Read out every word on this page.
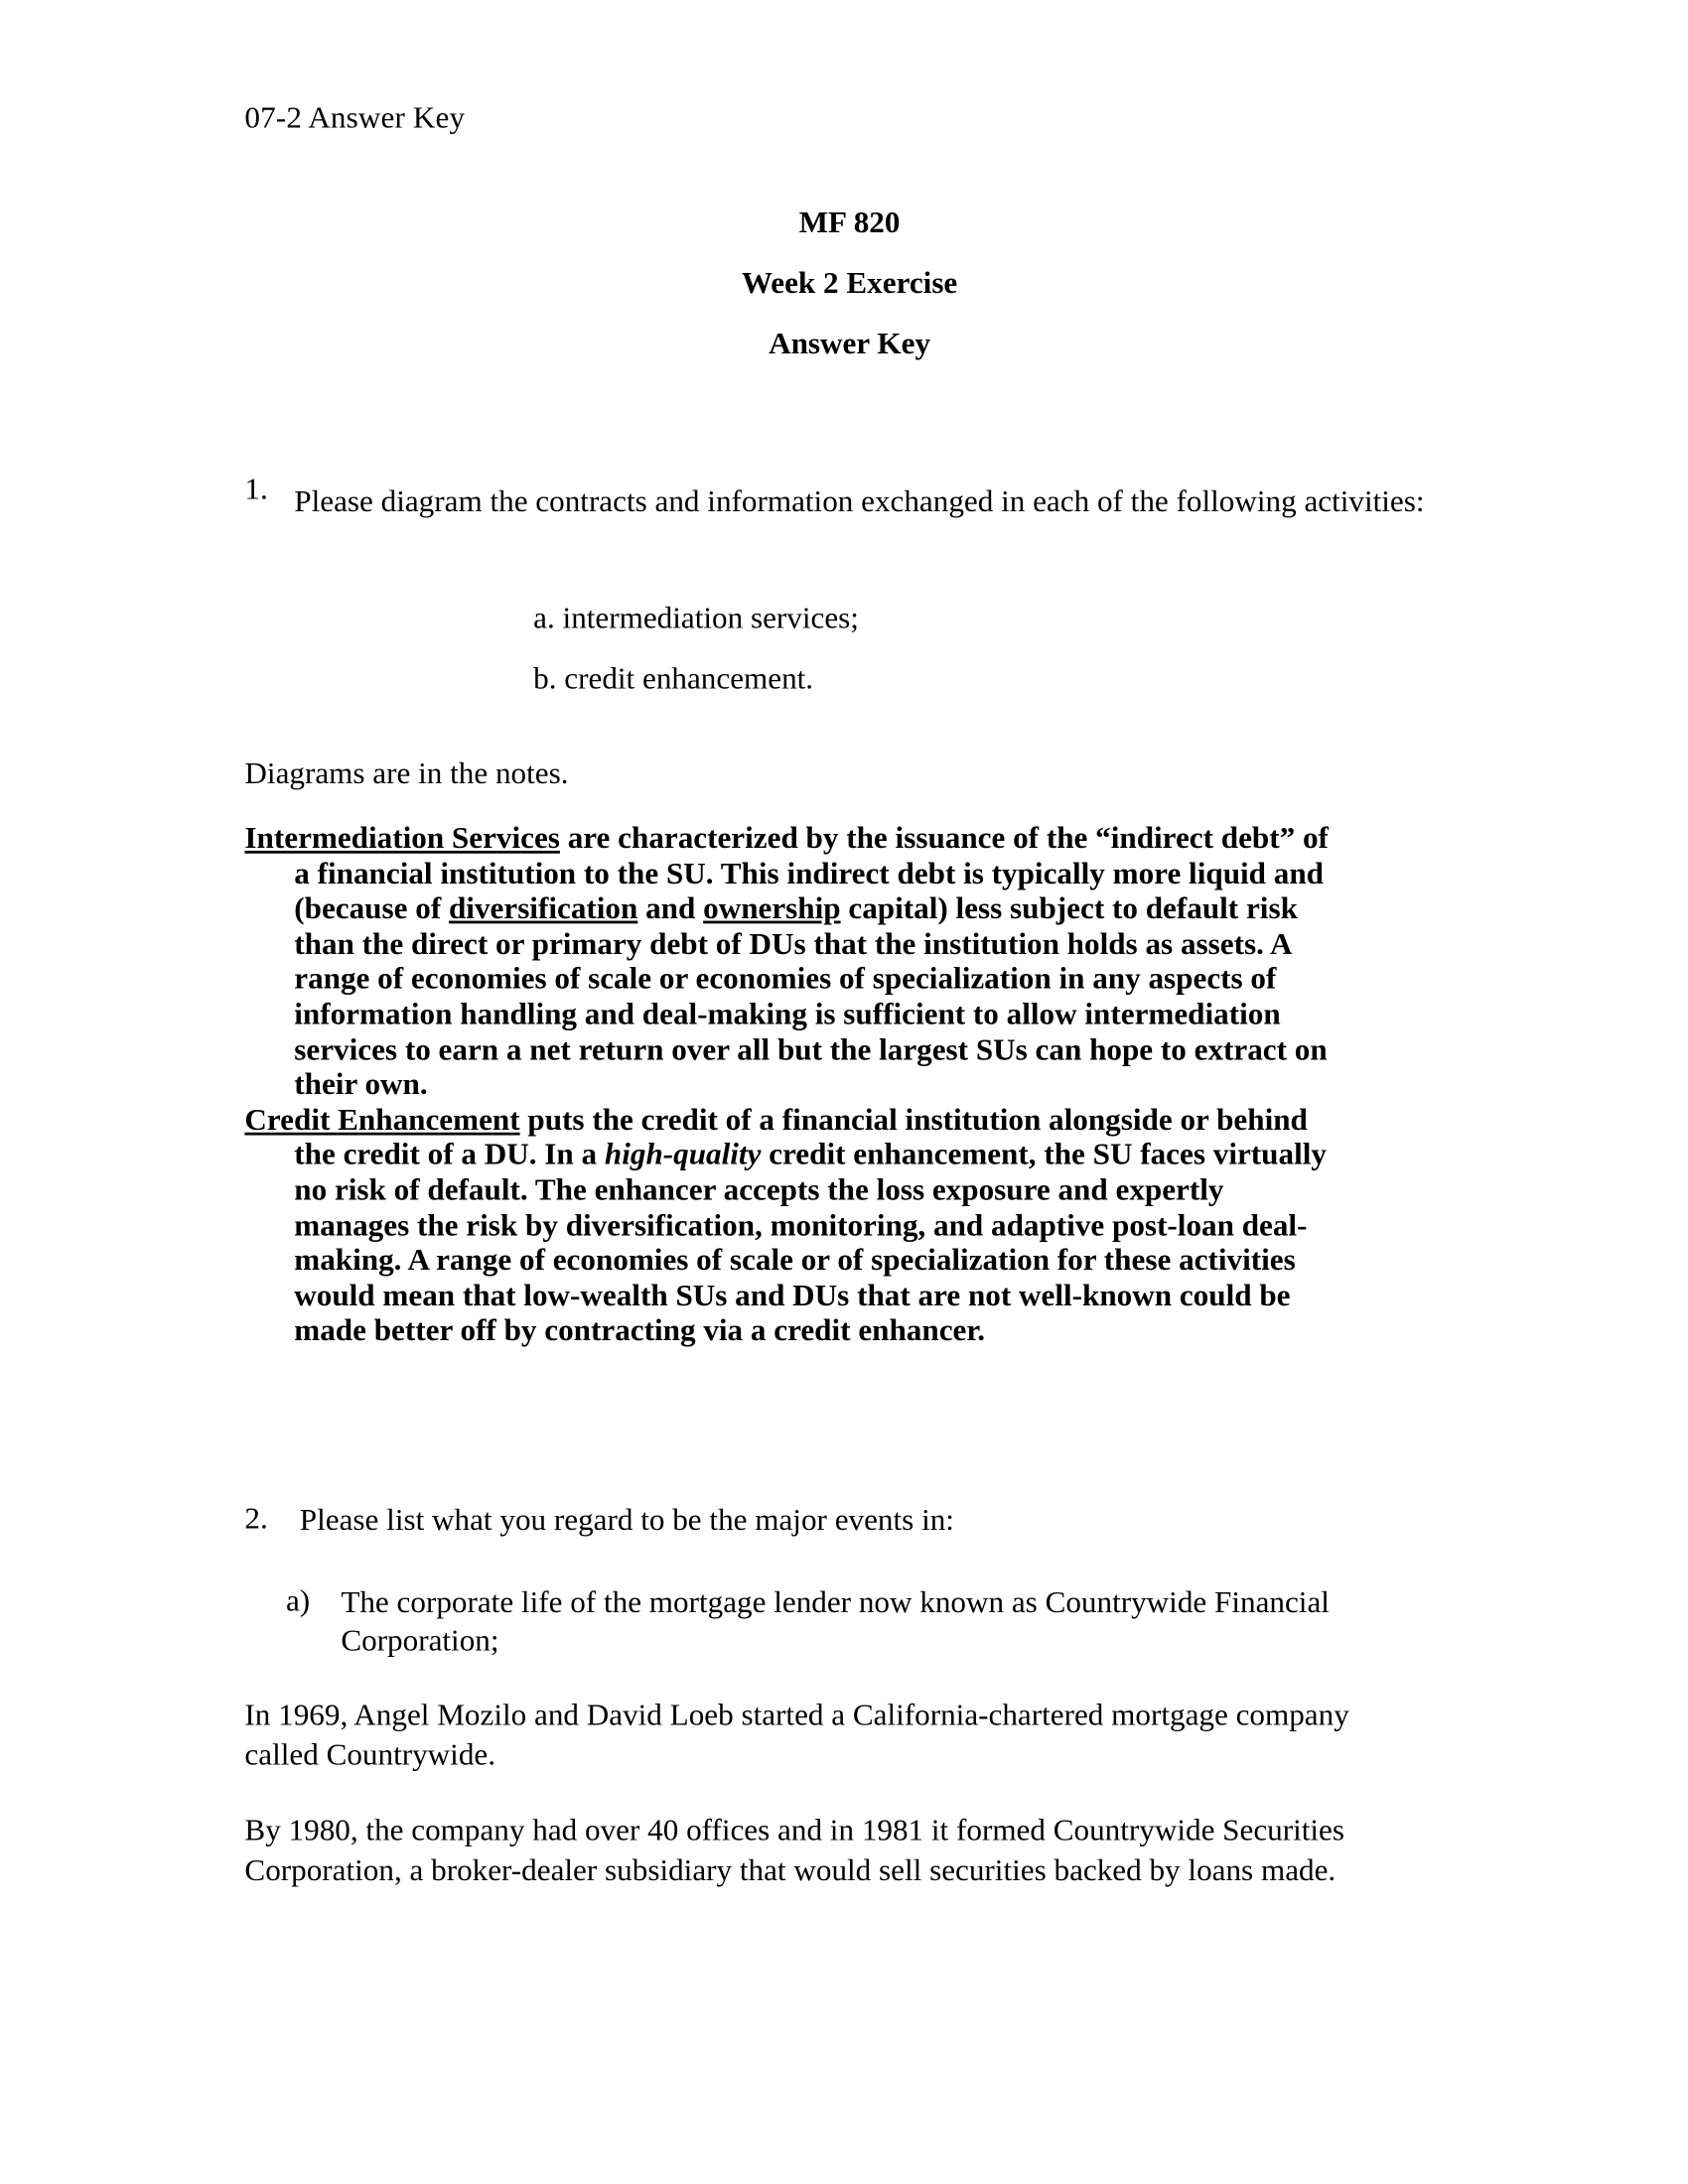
07-2 Answer Key
MF 820
Week 2 Exercise
Answer Key
1.	Please diagram the contracts and information exchanged in each of the following activities:
a. intermediation services;
b. credit enhancement.
Diagrams are in the notes.

Intermediation Services are characterized by the issuance of the “indirect debt” of a financial institution to the SU. This indirect debt is typically more liquid and (because of diversification and ownership capital) less subject to default risk than the direct or primary debt of DUs that the institution holds as assets. A range of economies of scale or economies of specialization in any aspects of information handling and deal-making is sufficient to allow intermediation services to earn a net return over all but the largest SUs can hope to extract on their own.

Credit Enhancement puts the credit of a financial institution alongside or behind the credit of a DU. In a high-quality credit enhancement, the SU faces virtually no risk of default. The enhancer accepts the loss exposure and expertly manages the risk by diversification, monitoring, and adaptive post-loan deal-making. A range of economies of scale or of specialization for these activities would mean that low-wealth SUs and DUs that are not well-known could be made better off by contracting via a credit enhancer.

2.	Please list what you regard to be the major events in:
a)	The corporate life of the mortgage lender now known as Countrywide Financial Corporation;
In 1969, Angel Mozilo and David Loeb started a California-chartered mortgage company
called Countrywide.
By 1980, the company had over 40 offices and in 1981 it formed Countrywide Securities
Corporation, a broker-dealer subsidiary that would sell securities backed by loans made.
